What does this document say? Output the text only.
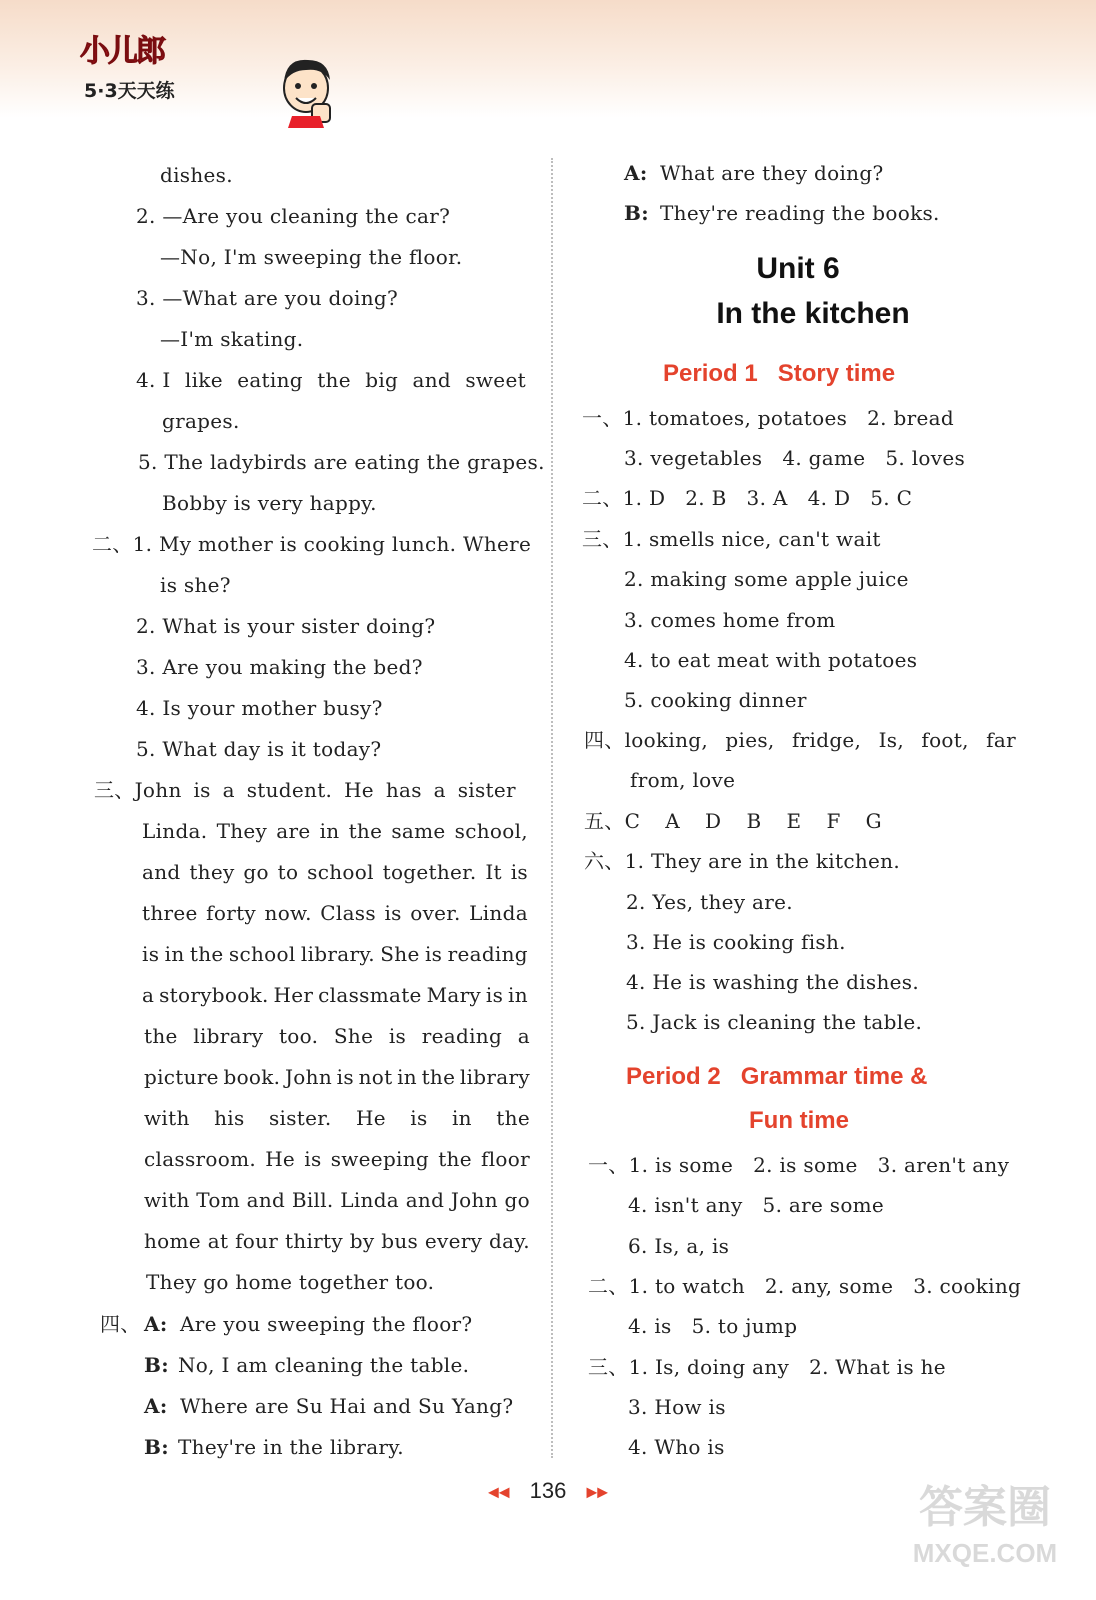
小儿郎
5·3天天练
dishes.
2. —Are you cleaning the car?
—No, I'm sweeping the floor.
3. —What are you doing?
—I'm skating.
4. I like eating the big and sweet
grapes.
5. The ladybirds are eating the grapes.
Bobby is very happy.
二、1. My mother is cooking lunch. Where
is she?
2. What is your sister doing?
3. Are you making the bed?
4. Is your mother busy?
5. What day is it today?
三、John is a student. He has a sister
Linda. They are in the same school,
and they go to school together. It is
three forty now. Class is over. Linda
is in the school library. She is reading
a storybook. Her classmate Mary is in
the library too. She is reading a
picture book. John is not in the library
with his sister. He is in the
classroom. He is sweeping the floor
with Tom and Bill. Linda and John go
home at four thirty by bus every day.
They go home together too.
四、 A: Are you sweeping the floor?
B: No, I am cleaning the table.
A: Where are Su Hai and Su Yang?
B: They're in the library.
A: What are they doing?
B: They're reading the books.
Unit 6
In the kitchen
Period 1   Story time
一、1. tomatoes, potatoes   2. bread
3. vegetables   4. game   5. loves
二、1. D   2. B   3. A   4. D   5. C
三、1. smells nice, can't wait
2. making some apple juice
3. comes home from
4. to eat meat with potatoes
5. cooking dinner
四、looking, pies, fridge, Is, foot, far
from, love
五、C A D B E F G
六、1. They are in the kitchen.
2. Yes, they are.
3. He is cooking fish.
4. He is washing the dishes.
5. Jack is cleaning the table.
Period 2   Grammar time &
Fun time
一、1. is some   2. is some   3. aren't any
4. isn't any   5. are some
6. Is, a, is
二、1. to watch   2. any, some   3. cooking
4. is   5. to jump
三、1. Is, doing any   2. What is he
3. How is
4. Who is
◀◀ 136 ▶▶	答案圈
MXQE.COM
